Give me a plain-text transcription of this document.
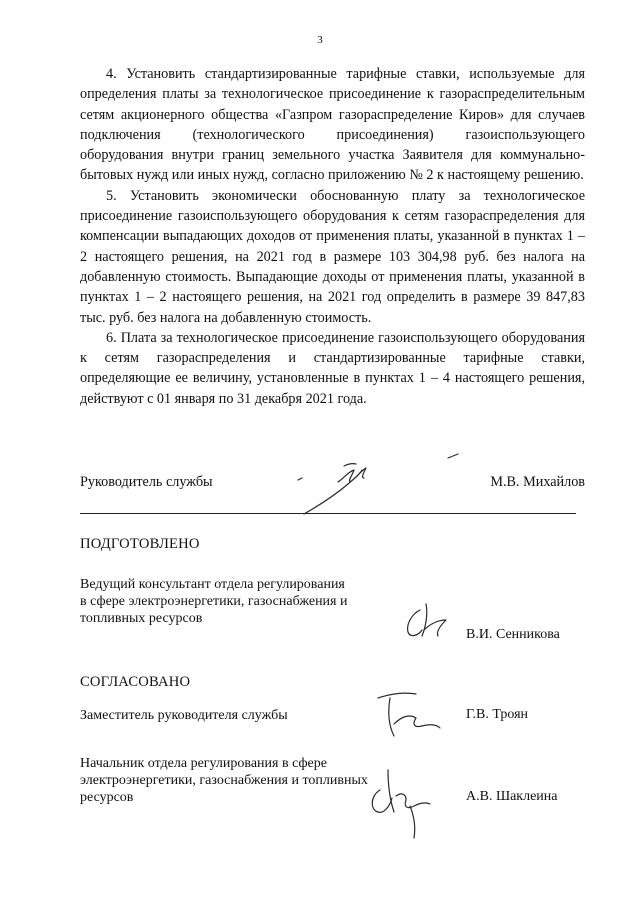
3

4. Установить стандартизированные тарифные ставки, используемые для определения платы за технологическое присоединение к газораспределительным сетям акционерного общества «Газпром газораспределение Киров» для случаев подключения (технологического присоединения) газоиспользующего оборудования внутри границ земельного участка Заявителя для коммунально-бытовых нужд или иных нужд, согласно приложению № 2 к настоящему решению.

5. Установить экономически обоснованную плату за технологическое присоединение газоиспользующего оборудования к сетям газораспределения для компенсации выпадающих доходов от применения платы, указанной в пунктах 1 – 2 настоящего решения, на 2021 год в размере 103 304,98 руб. без налога на добавленную стоимость. Выпадающие доходы от применения платы, указанной в пунктах 1 – 2 настоящего решения, на 2021 год определить в размере 39 847,83 тыс. руб. без налога на добавленную стоимость.

6. Плата за технологическое присоединение газоиспользующего оборудования к сетям газораспределения и стандартизированные тарифные ставки, определяющие ее величину, установленные в пунктах 1 – 4 настоящего решения, действуют с 01 января по 31 декабря 2021 года.

Руководитель службы	М.В. Михайлов
ПОДГОТОВЛЕНО
Ведущий консультант отдела регулирования в сфере электроэнергетики, газоснабжения и топливных ресурсов
В.И. Сенникова
СОГЛАСОВАНО
Заместитель руководителя службы	Г.В. Троян
Начальник отдела регулирования в сфере электроэнергетики, газоснабжения и топливных ресурсов	А.В. Шаклеина
